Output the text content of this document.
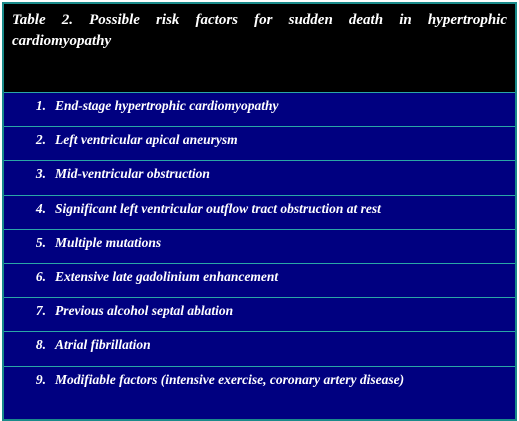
Table 2. Possible risk factors for sudden death in hypertrophic cardiomyopathy

1. End-stage hypertrophic cardiomyopathy
2. Left ventricular apical aneurysm
3. Mid-ventricular obstruction
4. Significant left ventricular outflow tract obstruction at rest
5. Multiple mutations
6. Extensive late gadolinium enhancement
7. Previous alcohol septal ablation
8. Atrial fibrillation
9. Modifiable factors (intensive exercise, coronary artery disease)
